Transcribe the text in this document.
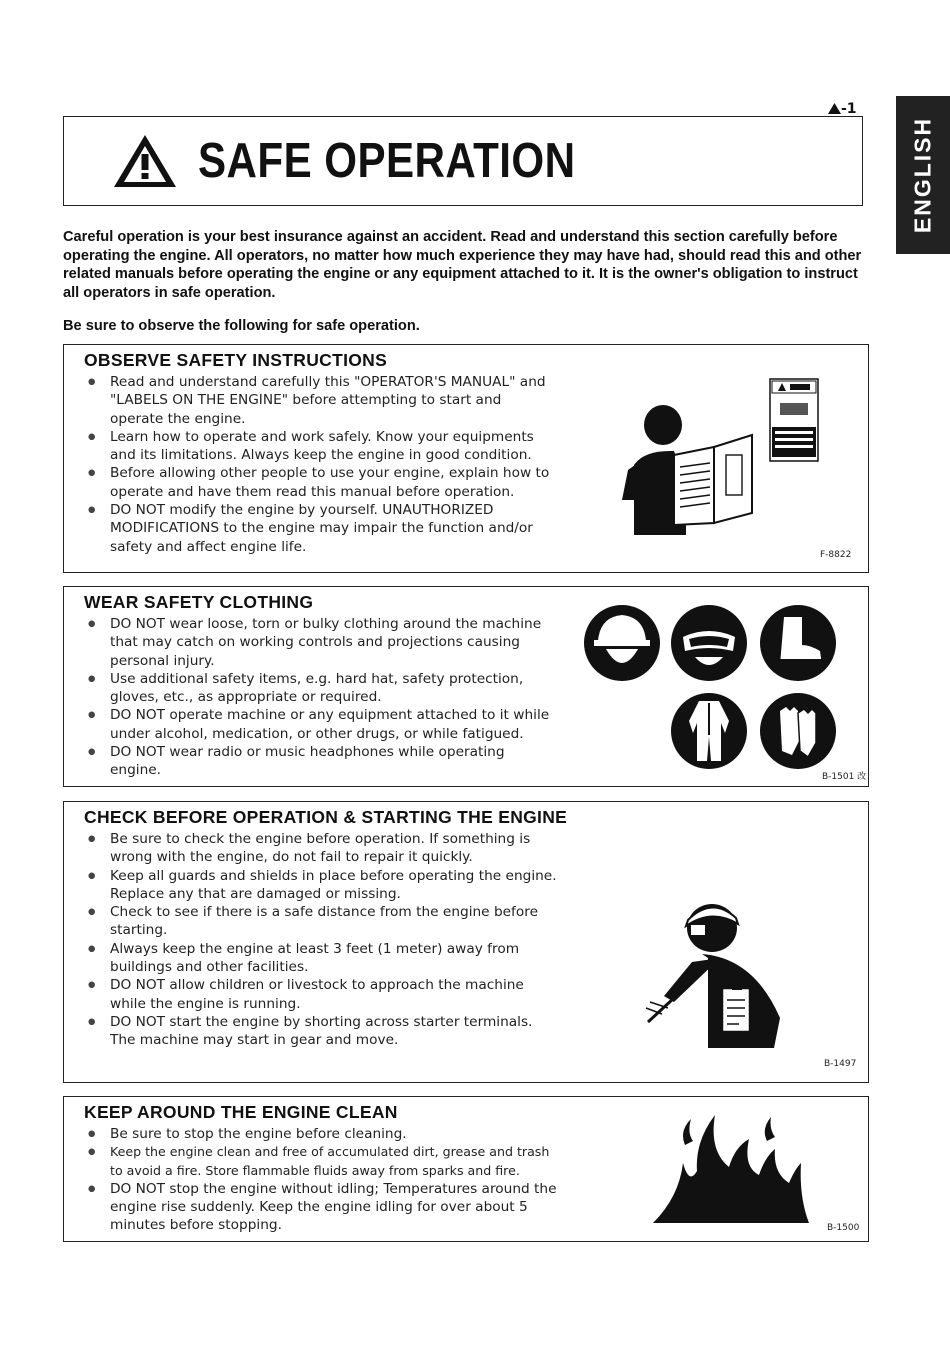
-1
ENGLISH
SAFE OPERATION
Careful operation is your best insurance against an accident. Read and understand this section carefully before operating the engine. All operators, no matter how much experience they may have had, should read this and other related manuals before operating the engine or any equipment attached to it. It is the owner's obligation to instruct all operators in safe operation.
Be sure to observe the following for safe operation.
OBSERVE SAFETY INSTRUCTIONS
● Read and understand carefully this "OPERATOR'S MANUAL" and "LABELS ON THE ENGINE" before attempting to start and operate the engine.
● Learn how to operate and work safely. Know your equipments and its limitations. Always keep the engine in good condition.
● Before allowing other people to use your engine, explain how to operate and have them read this manual before operation.
● DO NOT modify the engine by yourself. UNAUTHORIZED MODIFICATIONS to the engine may impair the function and/or safety and affect engine life.
F-8822
WEAR SAFETY CLOTHING
● DO NOT wear loose, torn or bulky clothing around the machine that may catch on working controls and projections causing personal injury.
● Use additional safety items, e.g. hard hat, safety protection, gloves, etc., as appropriate or required.
● DO NOT operate machine or any equipment attached to it while under alcohol, medication, or other drugs, or while fatigued.
● DO NOT wear radio or music headphones while operating engine.	B-1501 改
CHECK BEFORE OPERATION & STARTING THE ENGINE
● Be sure to check the engine before operation. If something is wrong with the engine, do not fail to repair it quickly.
● Keep all guards and shields in place before operating the engine. Replace any that are damaged or missing.
● Check to see if there is a safe distance from the engine before starting.
● Always keep the engine at least 3 feet (1 meter) away from buildings and other facilities.
● DO NOT allow children or livestock to approach the machine while the engine is running.
● DO NOT start the engine by shorting across starter terminals. The machine may start in gear and move.
B-1497
KEEP AROUND THE ENGINE CLEAN
● Be sure to stop the engine before cleaning.
● Keep the engine clean and free of accumulated dirt, grease and trash to avoid a fire. Store flammable fluids away from sparks and fire.
● DO NOT stop the engine without idling; Temperatures around the engine rise suddenly. Keep the engine idling for over about 5 minutes before stopping.	B-1500
